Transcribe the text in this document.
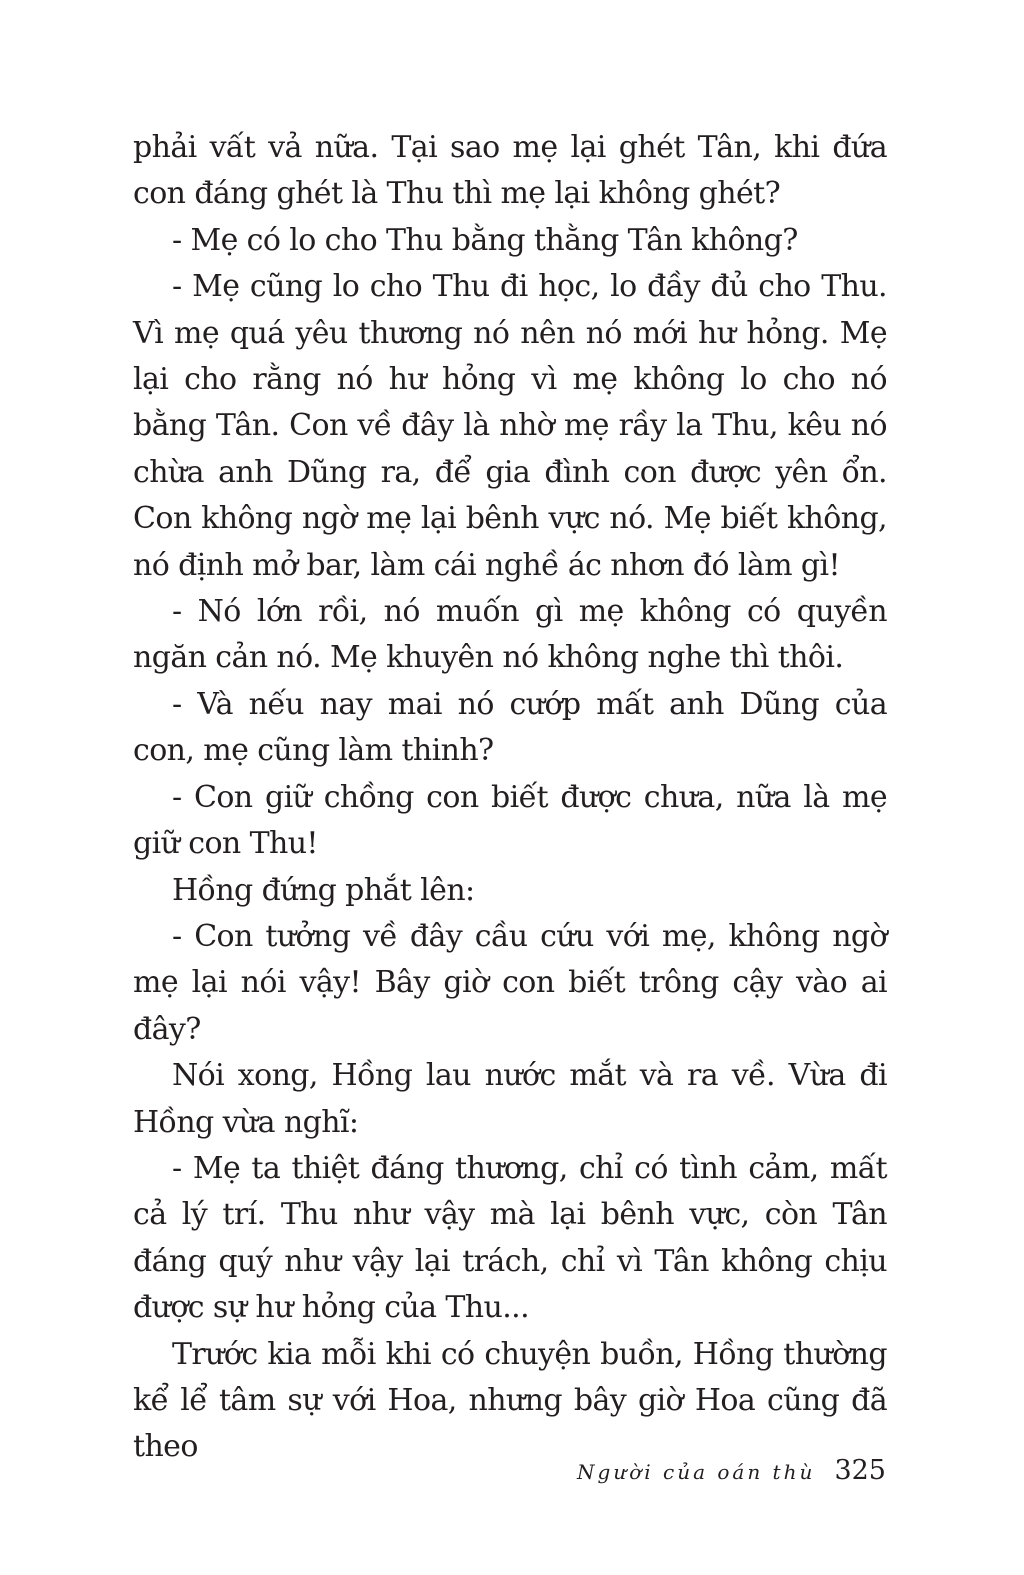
phải vất vả nữa. Tại sao mẹ lại ghét Tân, khi đứa con đáng ghét là Thu thì mẹ lại không ghét?

- Mẹ có lo cho Thu bằng thằng Tân không?

- Mẹ cũng lo cho Thu đi học, lo đầy đủ cho Thu. Vì mẹ quá yêu thương nó nên nó mới hư hỏng. Mẹ lại cho rằng nó hư hỏng vì mẹ không lo cho nó bằng Tân. Con về đây là nhờ mẹ rầy la Thu, kêu nó chừa anh Dũng ra, để gia đình con được yên ổn. Con không ngờ mẹ lại bênh vực nó. Mẹ biết không, nó định mở bar, làm cái nghề ác nhơn đó làm gì!

- Nó lớn rồi, nó muốn gì mẹ không có quyền ngăn cản nó. Mẹ khuyên nó không nghe thì thôi.

- Và nếu nay mai nó cướp mất anh Dũng của con, mẹ cũng làm thinh?

- Con giữ chồng con biết được chưa, nữa là mẹ giữ con Thu!

Hồng đứng phắt lên:

- Con tưởng về đây cầu cứu với mẹ, không ngờ mẹ lại nói vậy! Bây giờ con biết trông cậy vào ai đây?

Nói xong, Hồng lau nước mắt và ra về. Vừa đi Hồng vừa nghĩ:

- Mẹ ta thiệt đáng thương, chỉ có tình cảm, mất cả lý trí. Thu như vậy mà lại bênh vực, còn Tân đáng quý như vậy lại trách, chỉ vì Tân không chịu được sự hư hỏng của Thu...

Trước kia mỗi khi có chuyện buồn, Hồng thường kể lể tâm sự với Hoa, nhưng bây giờ Hoa cũng đã theo

Người của oán thù 325
